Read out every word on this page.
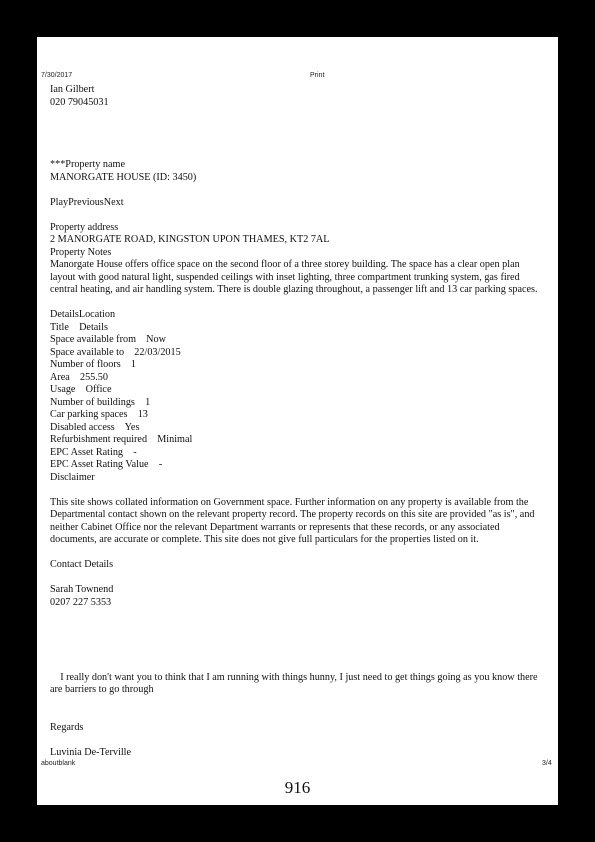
7/30/2017	Print
Ian Gilbert
020 79045031
***Property name
MANORGATE HOUSE (ID: 3450)
PlayPreviousNext
Property address
2 MANORGATE ROAD, KINGSTON UPON THAMES, KT2 7AL
Property Notes
Manorgate House offers office space on the second floor of a three storey building. The space has a clear open plan layout with good natural light, suspended ceilings with inset lighting, three compartment trunking system, gas fired central heating, and air handling system. There is double glazing throughout, a passenger lift and 13 car parking spaces.
DetailsLocation
Title    Details
Space available from    Now
Space available to    22/03/2015
Number of floors    1
Area    255.50
Usage    Office
Number of buildings    1
Car parking spaces    13
Disabled access    Yes
Refurbishment required    Minimal
EPC Asset Rating    -
EPC Asset Rating Value    -
Disclaimer
This site shows collated information on Government space. Further information on any property is available from the Departmental contact shown on the relevant property record. The property records on this site are provided "as is", and neither Cabinet Office nor the relevant Department warrants or represents that these records, or any associated documents, are accurate or complete. This site does not give full particulars for the properties listed on it.
Contact Details
Sarah Townend
0207 227 5353
I really don't want you to think that I am running with things hunny, I just need to get things going as you know there are barriers to go through
Regards
Luvinia De-Terville
aboutblank	3/4
916
